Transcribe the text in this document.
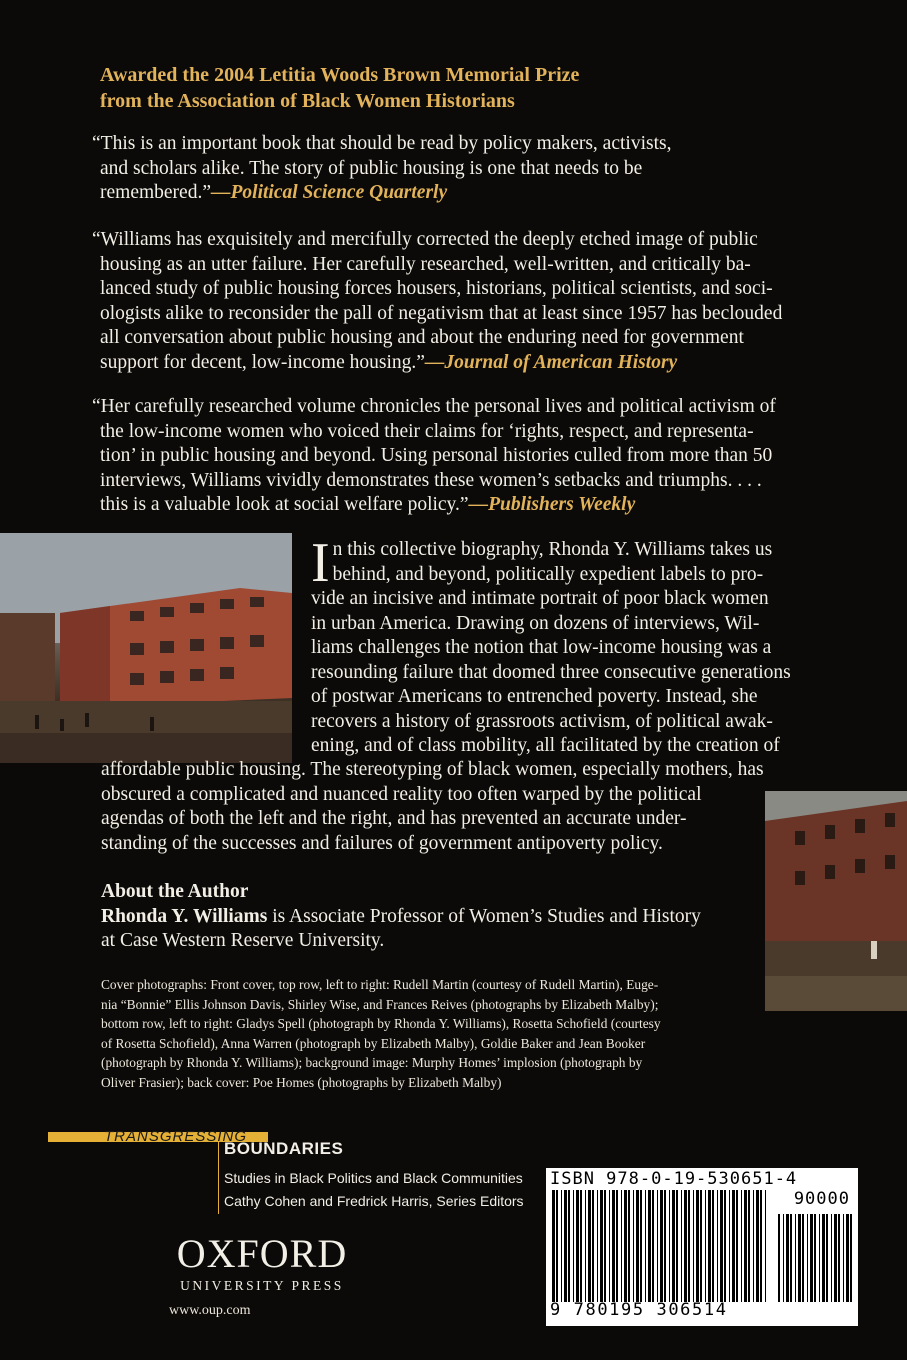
Awarded the 2004 Letitia Woods Brown Memorial Prize
from the Association of Black Women Historians
“This is an important book that should be read by policy makers, activists,
and scholars alike. The story of public housing is one that needs to be
remembered.”—Political Science Quarterly
“Williams has exquisitely and mercifully corrected the deeply etched image of public
housing as an utter failure. Her carefully researched, well-written, and critically ba-
lanced study of public housing forces housers, historians, political scientists, and soci-
ologists alike to reconsider the pall of negativism that at least since 1957 has beclouded
all conversation about public housing and about the enduring need for government
support for decent, low-income housing.”—Journal of American History
“Her carefully researched volume chronicles the personal lives and political activism of
the low-income women who voiced their claims for ‘rights, respect, and representa-
tion’ in public housing and beyond. Using personal histories culled from more than 50
interviews, Williams vividly demonstrates these women’s setbacks and triumphs. . . .
this is a valuable look at social welfare policy.”—Publishers Weekly
I n this collective biography, Rhonda Y. Williams takes us
behind, and beyond, politically expedient labels to pro-
vide an incisive and intimate portrait of poor black women
in urban America. Drawing on dozens of interviews, Wil-
liams challenges the notion that low-income housing was a
resounding failure that doomed three consecutive generations
of postwar Americans to entrenched poverty. Instead, she
recovers a history of grassroots activism, of political awak-
ening, and of class mobility, all facilitated by the creation of
affordable public housing. The stereotyping of black women, especially mothers, has
obscured a complicated and nuanced reality too often warped by the political
agendas of both the left and the right, and has prevented an accurate under-
standing of the successes and failures of government antipoverty policy.
About the Author
Rhonda Y. Williams is Associate Professor of Women’s Studies and History
at Case Western Reserve University.
Cover photographs: Front cover, top row, left to right: Rudell Martin (courtesy of Rudell Martin), Euge-
nia “Bonnie” Ellis Johnson Davis, Shirley Wise, and Frances Reives (photographs by Elizabeth Malby);
bottom row, left to right: Gladys Spell (photograph by Rhonda Y. Williams), Rosetta Schofield (courtesy
of Rosetta Schofield), Anna Warren (photograph by Elizabeth Malby), Goldie Baker and Jean Booker
(photograph by Rhonda Y. Williams); background image: Murphy Homes’ implosion (photograph by
Oliver Frasier); back cover: Poe Homes (photographs by Elizabeth Malby)
TRANSGRESSING
BOUNDARIES
Studies in Black Politics and Black Communities
Cathy Cohen and Fredrick Harris, Series Editors
OXFORD
UNIVERSITY PRESS
www.oup.com
ISBN 978-0-19-530651-4
90000
9 780195 306514
